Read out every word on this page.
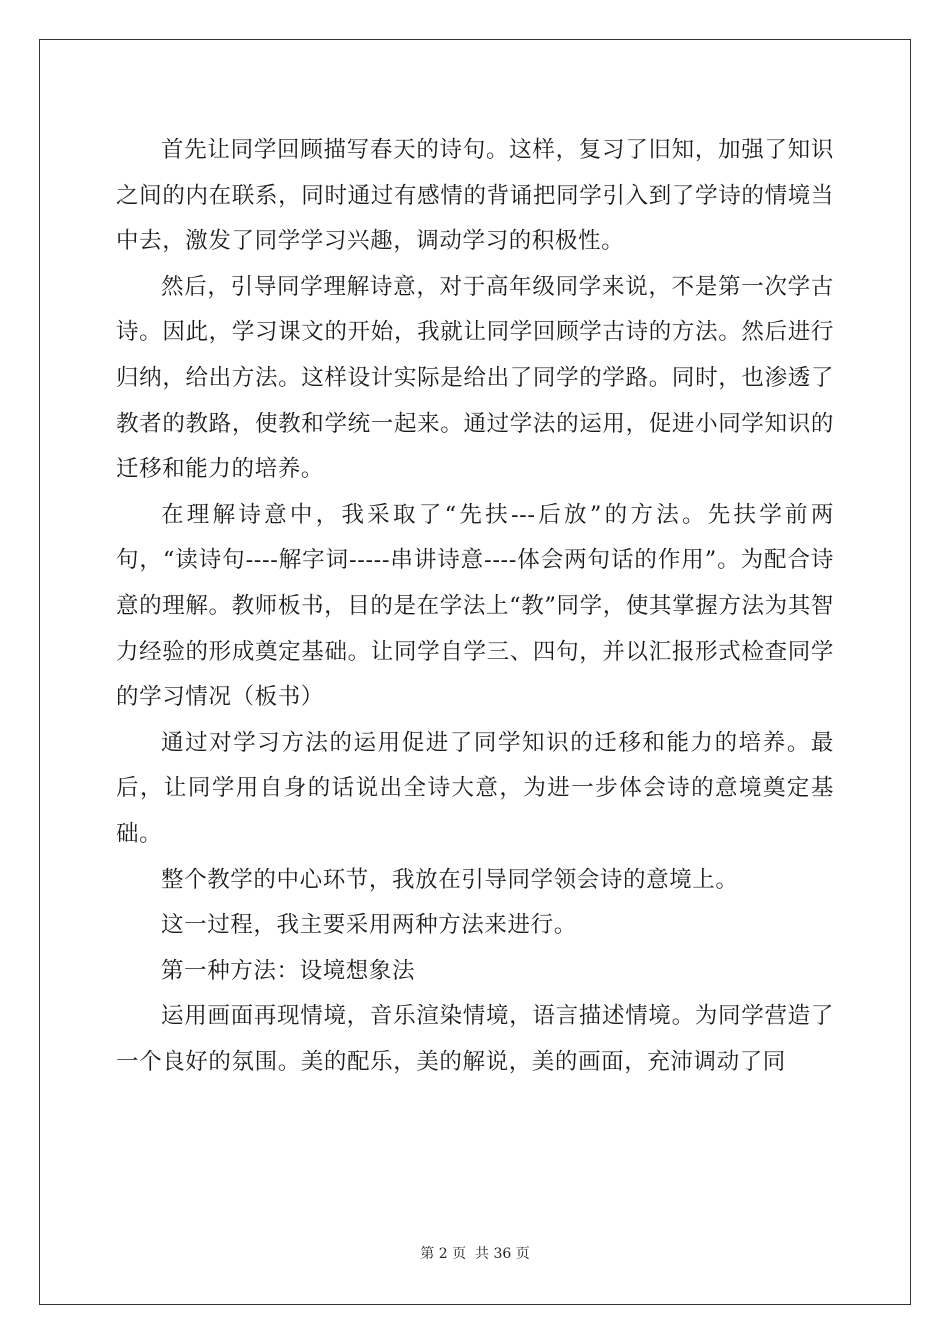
首先让同学回顾描写春天的诗句。这样，复习了旧知，加强了知识之间的内在联系，同时通过有感情的背诵把同学引入到了学诗的情境当中去，激发了同学学习兴趣，调动学习的积极性。

然后，引导同学理解诗意，对于高年级同学来说，不是第一次学古诗。因此，学习课文的开始，我就让同学回顾学古诗的方法。然后进行归纳，给出方法。这样设计实际是给出了同学的学路。同时，也渗透了教者的教路，使教和学统一起来。通过学法的运用，促进小同学知识的迁移和能力的培养。

在理解诗意中，我采取了“先扶---后放”的方法。先扶学前两句，“读诗句----解字词-----串讲诗意----体会两句话的作用”。为配合诗意的理解。教师板书，目的是在学法上“教”同学，使其掌握方法为其智力经验的形成奠定基础。让同学自学三、四句，并以汇报形式检查同学的学习情况（板书）

通过对学习方法的运用促进了同学知识的迁移和能力的培养。最后，让同学用自身的话说出全诗大意，为进一步体会诗的意境奠定基础。

整个教学的中心环节，我放在引导同学领会诗的意境上。

这一过程，我主要采用两种方法来进行。

第一种方法：设境想象法

运用画面再现情境，音乐渲染情境，语言描述情境。为同学营造了一个良好的氛围。美的配乐，美的解说，美的画面，充沛调动了同

第 2 页  共 36 页
